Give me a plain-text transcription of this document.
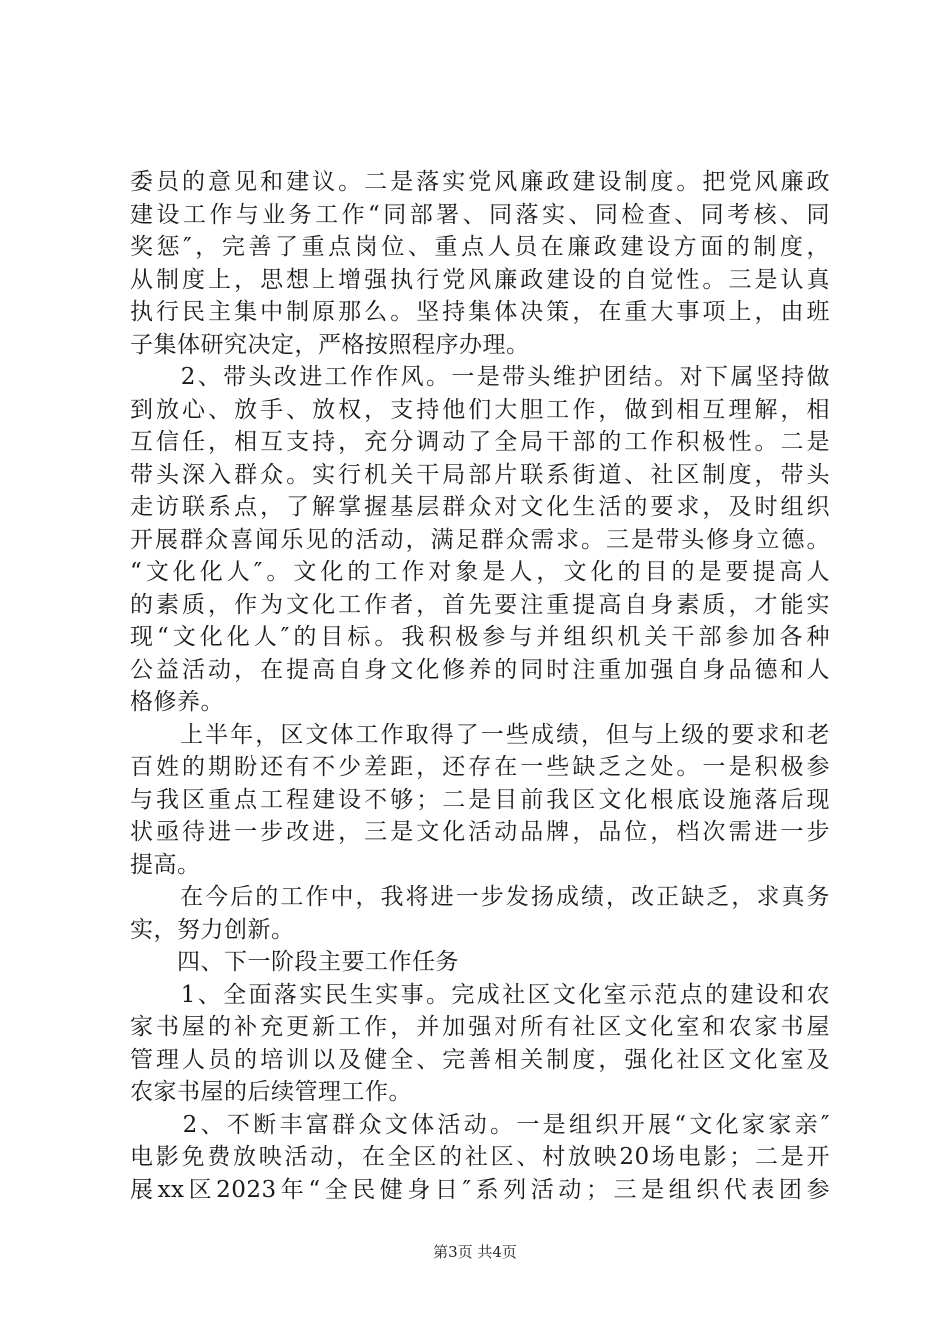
委员的意见和建议。二是落实党风廉政建设制度。把党风廉政
建设工作与业务工作“同部署、同落实、同检查、同考核、同
奖惩″，完善了重点岗位、重点人员在廉政建设方面的制度，
从制度上，思想上增强执行党风廉政建设的自觉性。三是认真
执行民主集中制原那么。坚持集体决策，在重大事项上，由班
子集体研究决定，严格按照程序办理。
　　2、带头改进工作作风。一是带头维护团结。对下属坚持做
到放心、放手、放权，支持他们大胆工作，做到相互理解，相
互信任，相互支持，充分调动了全局干部的工作积极性。二是
带头深入群众。实行机关干局部片联系街道、社区制度，带头
走访联系点，了解掌握基层群众对文化生活的要求，及时组织
开展群众喜闻乐见的活动，满足群众需求。三是带头修身立德。
“文化化人″。文化的工作对象是人，文化的目的是要提高人
的素质，作为文化工作者，首先要注重提高自身素质，才能实
现“文化化人″的目标。我积极参与并组织机关干部参加各种
公益活动，在提高自身文化修养的同时注重加强自身品德和人
格修养。
　　上半年，区文体工作取得了一些成绩，但与上级的要求和老
百姓的期盼还有不少差距，还存在一些缺乏之处。一是积极参
与我区重点工程建设不够；二是目前我区文化根底设施落后现
状亟待进一步改进，三是文化活动品牌，品位，档次需进一步
提高。
　　在今后的工作中，我将进一步发扬成绩，改正缺乏，求真务
实，努力创新。
　　四、下一阶段主要工作任务
　　1、全面落实民生实事。完成社区文化室示范点的建设和农
家书屋的补充更新工作，并加强对所有社区文化室和农家书屋
管理人员的培训以及健全、完善相关制度，强化社区文化室及
农家书屋的后续管理工作。
　　2、不断丰富群众文体活动。一是组织开展“文化家家亲″
电影免费放映活动，在全区的社区、村放映20场电影；二是开
展xx区2023年“全民健身日″系列活动；三是组织代表团参
第3页 共4页
